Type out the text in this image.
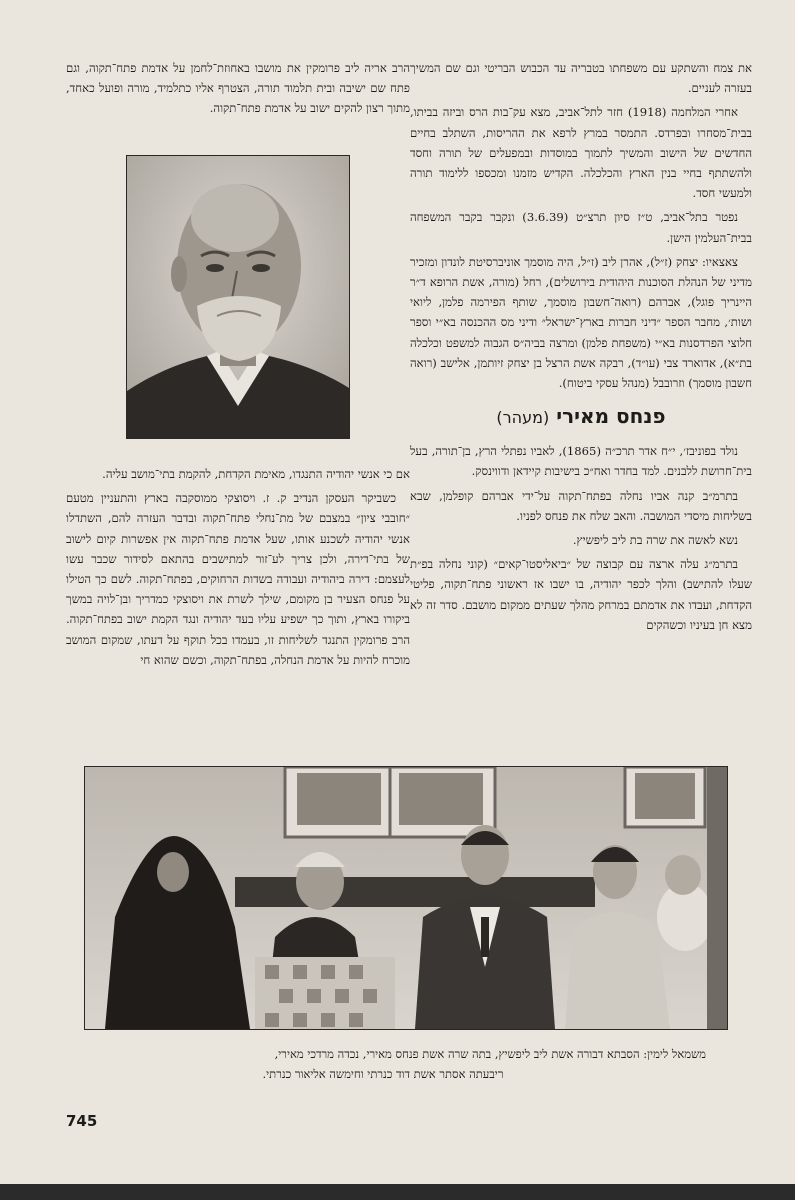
את צמח והשתקע עם משפחתו בטבריה עד הכבוש הבריטי וגם שם המשיך בעזרה לעניים.

אחרי המלחמה (1918) חזר לתל־אביב, מצא עק־בות הרס וביזה בביתו, בבית־מסחרו ובפרדס. התמסר במרץ לרפא את ההריסות, השתלב בחיים החדשים של הישוב והמשיך לתמוך במוסדות ובמפעלים של תורה וחסד ולהשתתף בחיי בנין הארץ והכלכלה. הקדיש מזמנו ומכספו ללימוד תורה ולמעשי חסד.

נפטר בתל־אביב, ט״ז סיון תרצ״ט (3.6.39) ונקבר בקבר המשפחה בבית־העלמין הישן.

צאצאיו: יצחק (ז״ל), אהרן ליב (ז״ל, היה מוסמך אוניברסיטת לונדון ומזכיר מדיני של הנהלת הסוכנות היהודית בירושלים), רחל (מורה, אשת הרופא ד״ר היינריך פוגל), אברהם (רואה־חשבון מוסמך, שותף הפירמה פלמן, ליואי ושות׳, מחבר הספר ״דיני חברות בארץ־ישראל״ ודיני מס ההכנסה בא״י וספר חלוצי הפרדסנות בא״י (משפחת פלמן) ומרצה בביה״ס הגבוה למשפט וכלכלה בת״א), אדוארד צבי (עו״ד), רבקה אשת הרצל בן יצחק זיותמן, אלישב (רואה חשבון מוסמך) וזרובבל (מנהל עסקי ביטוח).

פנחס מאירי (מעהר)

נולד בפוניבז׳, י״ח אדר תרכ״ה (1865), לאביו נפתלי הרץ, בן־תורה, בעל בית־חרושת ללבנים. למד בחדר ואח״כ בישיבות קיידאן ודווינסק.

בתרמ״ב קנה אביו נחלה בפתח־תקוה על־ידי אברהם קופלמן, שבא בשליחות מיסדי המושבה. והאב שלח את פנחס לפניו.

נשא לאשה את שרה בת ליב ליפשיץ.

בתרמ״ג עלה ארצה עם קבוצה של ״ביאליסטו־קאים״ (קוני נחלה בפ״ת שעלו להתישב) והלך לכפר יהודיה, בו ישבו אז ראשוני פתח־תקוה, פליטי הקדחת, ועבדו את אדמתם במרחק מהלך שעתים ממקום מושבם. סדר זה לא מצא חן בעיניו וכשהקים

הרב אריה ליב פרומקין את מושבו באחוזת־לחמן על אדמת פתח־תקוה, וגם פתח שם ישיבה ובית תלמוד תורה, הצטרף אליו כתלמיד, מורה ופועל כאחד, מתוך רצון להקים ישוב על אדמת פתח־תקוה.

אם כי אנשי יהודיה התנגדו, מאימת הקדחת, להקמת בתי־מושב עליה.

כשביקר העסקן הנדיב ק. ז. ויסוצקי ממוסקבה בארץ והתעניין מטעם ״חובבי ציון״ במצבם של מת־נחלי פתח־תקוה ובדבר העזרה להם, השתדלו אנשי יהודיה לשכנע אותו, שעל אדמת פתח־תקוה אין אפשרות קיום לישוב של בתי־דירה, ולכן צריך לע־זור למתישבים בהתאם לסידור שכבר עשו לעצמם: דירה ביהודיה ועבודה בשדות הרחוקים, בפתח־תקוה. לשם כך הטילו על פנחס הצעיר בן מקומם, שילך לשרת את ויסוצקי כמדריך ובן־לויה במשך ביקורו בארץ, ותוך כך ישפיע עליו בעד יהודיה ונגד הקמת ישוב בפתח־תקוה. הרב פרומקין התנגד לשליחות זו, בעמדו בכל תוקף על דעתו, שמקום המושב מוכרח להיות על אדמת הנחלה, בפתח־תקוה, וכשם שהוא חי

משמאל לימין: הסבתא דבורה אשת ליב ליפשיץ, בתה שרה אשת פנחס מאירי, נכדה מרדכי מאירי,
ריבעתה אסתר אשת דוד כנרתי וחימשה אליאור כנרתי.
745
